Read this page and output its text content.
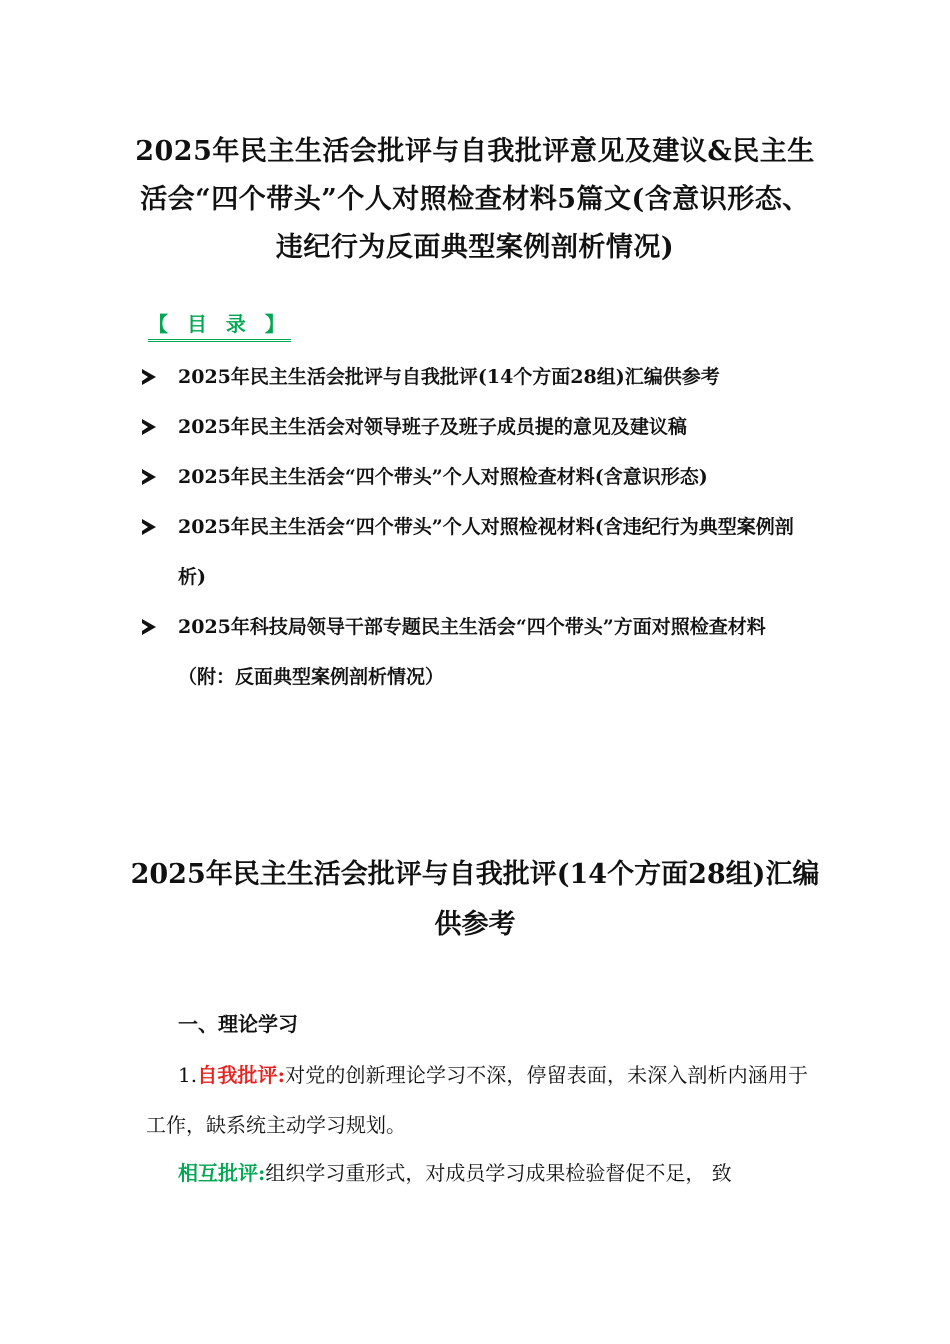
2025年民主生活会批评与自我批评意见及建议&民主生活会“四个带头”个人对照检查材料5篇文(含意识形态、违纪行为反面典型案例剖析情况)
【 目 录 】
2025年民主生活会批评与自我批评(14个方面28组)汇编供参考
2025年民主生活会对领导班子及班子成员提的意见及建议稿
2025年民主生活会“四个带头”个人对照检查材料(含意识形态)
2025年民主生活会“四个带头”个人对照检视材料(含违纪行为典型案例剖析)
2025年科技局领导干部专题民主生活会“四个带头”方面对照检查材料（附：反面典型案例剖析情况）
2025年民主生活会批评与自我批评(14个方面28组)汇编供参考
一、理论学习

1.自我批评:对党的创新理论学习不深，停留表面，未深入剖析内涵用于工作，缺系统主动学习规划。

相互批评:组织学习重形式，对成员学习成果检验督促不足， 致
